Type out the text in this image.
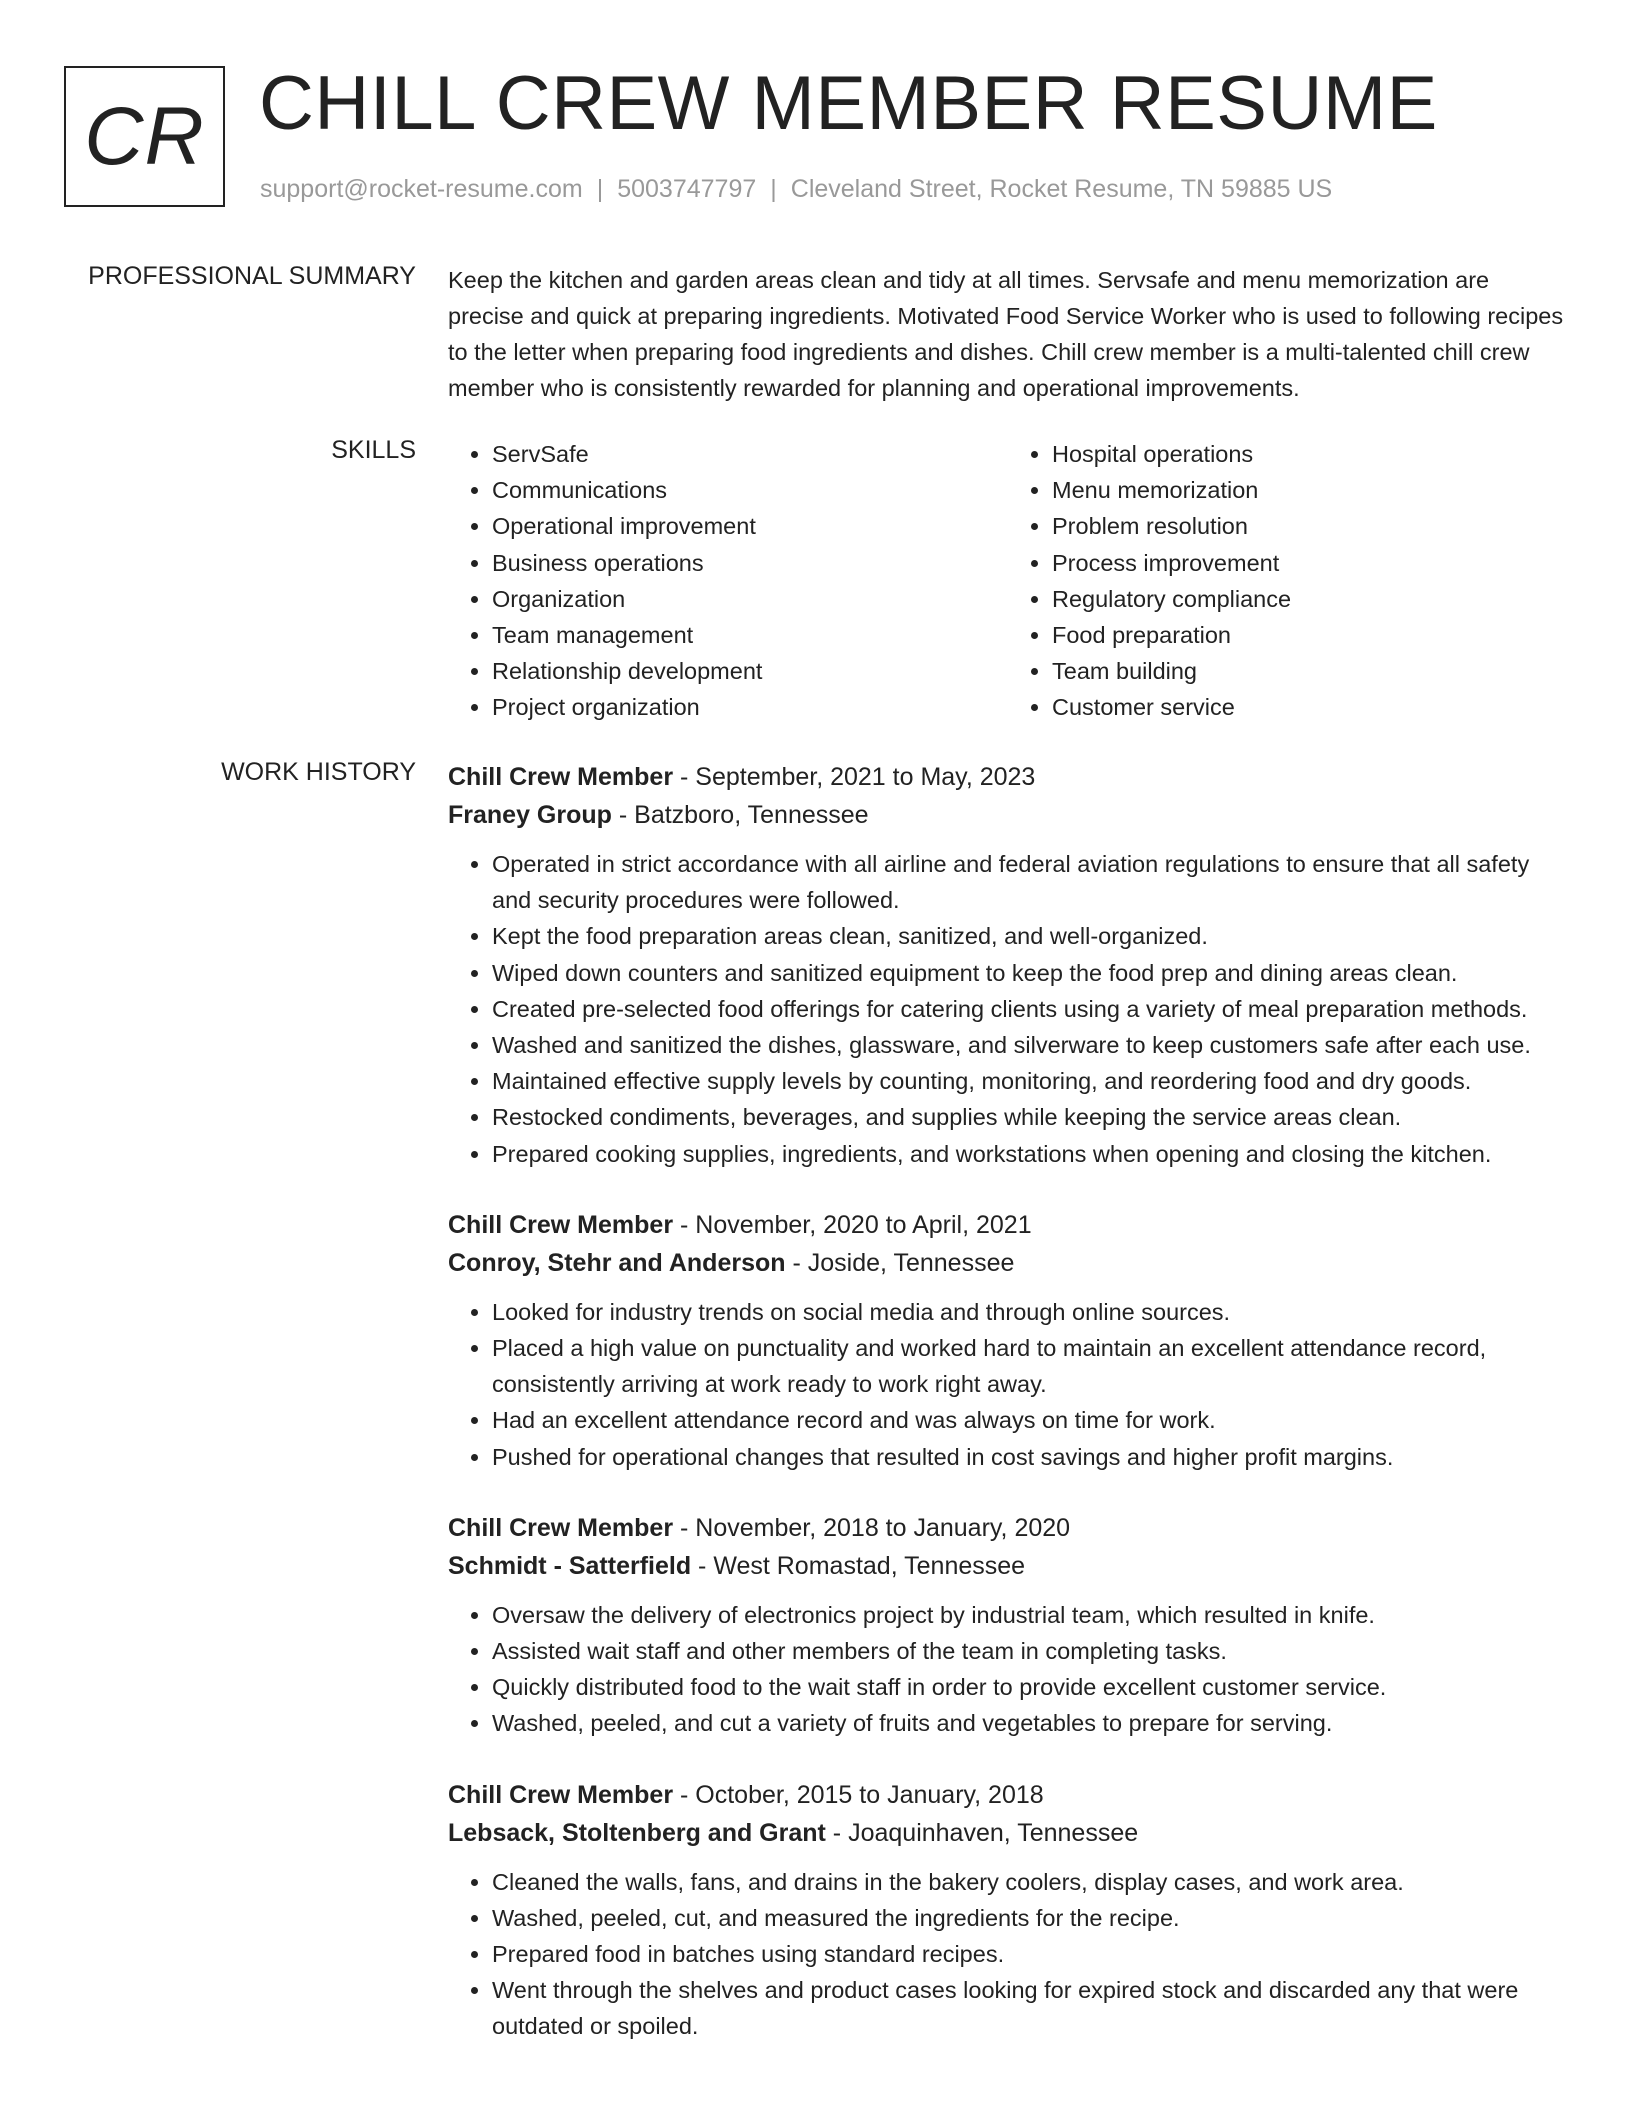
CR CHILL CREW MEMBER RESUME
support@rocket-resume.com | 5003747797 | Cleveland Street, Rocket Resume, TN 59885 US
PROFESSIONAL SUMMARY Keep the kitchen and garden areas clean and tidy at all times. Servsafe and menu memorization are precise and quick at preparing ingredients. Motivated Food Service Worker who is used to following recipes to the letter when preparing food ingredients and dishes. Chill crew member is a multi-talented chill crew member who is consistently rewarded for planning and operational improvements.

SKILLS
•	ServSafe
• Communications
• Operational improvement
• Business operations
• Organization
• Team management
• Relationship development
• Project organization
• Hospital operations
• Menu memorization
• Problem resolution
• Process improvement
• Regulatory compliance
• Food preparation
• Team building
• Customer service
WORK HISTORY Chill Crew Member - September, 2021 to May, 2023
Franey Group - Batzboro, Tennessee
• Operated in strict accordance with all airline and federal aviation regulations to ensure that all safety and security procedures were followed.
• Kept the food preparation areas clean, sanitized, and well-organized.
• Wiped down counters and sanitized equipment to keep the food prep and dining areas clean.
• Created pre-selected food offerings for catering clients using a variety of meal preparation methods.
• Washed and sanitized the dishes, glassware, and silverware to keep customers safe after each use.
• Maintained effective supply levels by counting, monitoring, and reordering food and dry goods.
• Restocked condiments, beverages, and supplies while keeping the service areas clean.
• Prepared cooking supplies, ingredients, and workstations when opening and closing the kitchen.
Chill Crew Member - November, 2020 to April, 2021
Conroy, Stehr and Anderson - Joside, Tennessee
• Looked for industry trends on social media and through online sources.
• Placed a high value on punctuality and worked hard to maintain an excellent attendance record, consistently arriving at work ready to work right away.
• Had an excellent attendance record and was always on time for work.
• Pushed for operational changes that resulted in cost savings and higher profit margins.
Chill Crew Member - November, 2018 to January, 2020
Schmidt - Satterfield - West Romastad, Tennessee
• Oversaw the delivery of electronics project by industrial team, which resulted in knife.
• Assisted wait staff and other members of the team in completing tasks.
• Quickly distributed food to the wait staff in order to provide excellent customer service.
• Washed, peeled, and cut a variety of fruits and vegetables to prepare for serving.
Chill Crew Member - October, 2015 to January, 2018
Lebsack, Stoltenberg and Grant - Joaquinhaven, Tennessee
• Cleaned the walls, fans, and drains in the bakery coolers, display cases, and work area.
• Washed, peeled, cut, and measured the ingredients for the recipe.
• Prepared food in batches using standard recipes.
• Went through the shelves and product cases looking for expired stock and discarded any that were outdated or spoiled.
